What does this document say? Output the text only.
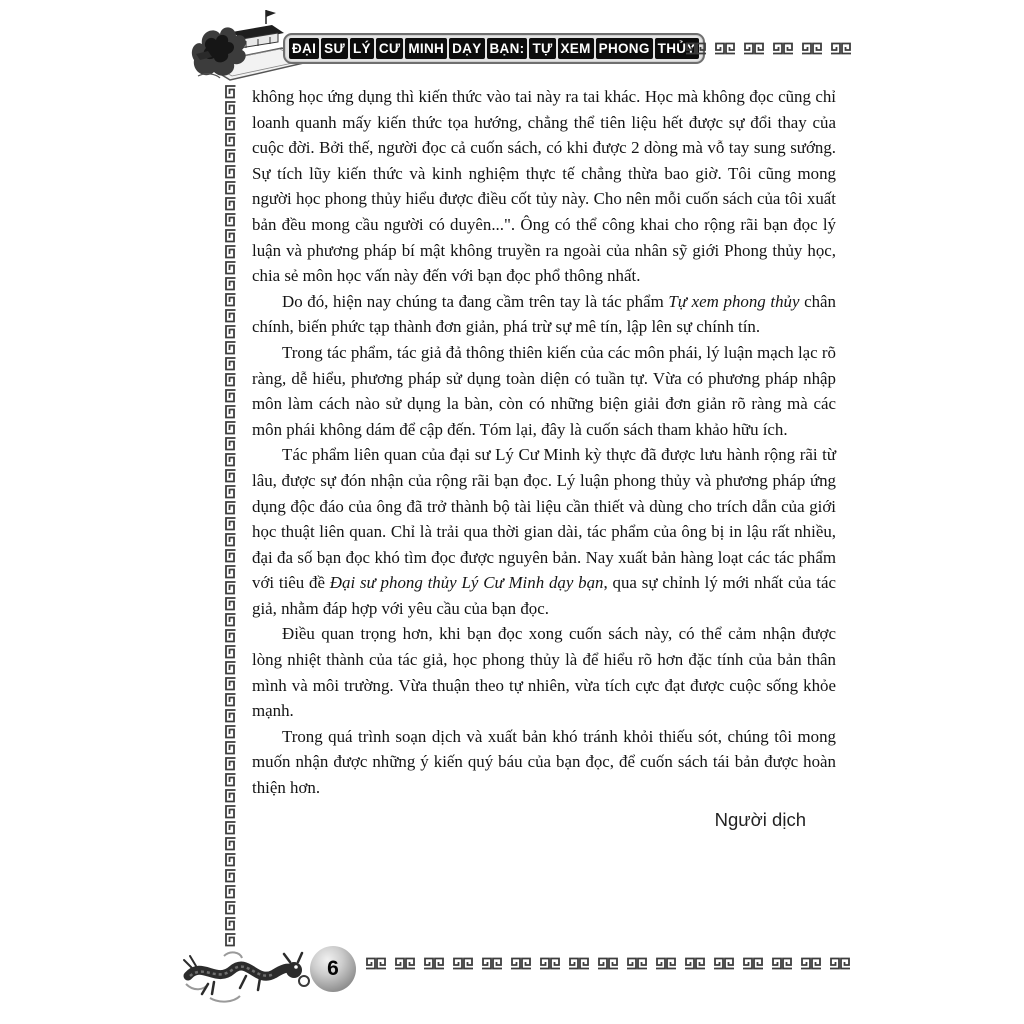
ĐẠI SƯ LÝ CƯ MINH DẠY BẠN: TỰ XEM PHONG THỦY

không học ứng dụng thì kiến thức vào tai này ra tai khác. Học mà không đọc cũng chỉ loanh quanh mấy kiến thức tọa hướng, chẳng thể tiên liệu hết được sự đổi thay của cuộc đời. Bởi thế, người đọc cả cuốn sách, có khi được 2 dòng mà vỗ tay sung sướng. Sự tích lũy kiến thức và kinh nghiệm thực tế chẳng thừa bao giờ. Tôi cũng mong người học phong thủy hiểu được điều cốt tủy này. Cho nên mỗi cuốn sách của tôi xuất bản đều mong cầu người có duyên...". Ông có thể công khai cho rộng rãi bạn đọc lý luận và phương pháp bí mật không truyền ra ngoài của nhân sỹ giới Phong thủy học, chia sẻ môn học vấn này đến với bạn đọc phổ thông nhất.

Do đó, hiện nay chúng ta đang cầm trên tay là tác phẩm Tự xem phong thủy chân chính, biến phức tạp thành đơn giản, phá trừ sự mê tín, lập lên sự chính tín.

Trong tác phẩm, tác giả đả thông thiên kiến của các môn phái, lý luận mạch lạc rõ ràng, dễ hiểu, phương pháp sử dụng toàn diện có tuần tự. Vừa có phương pháp nhập môn làm cách nào sử dụng la bàn, còn có những biện giải đơn giản rõ ràng mà các môn phái không dám để cập đến. Tóm lại, đây là cuốn sách tham khảo hữu ích.

Tác phẩm liên quan của đại sư Lý Cư Minh kỳ thực đã được lưu hành rộng rãi từ lâu, được sự đón nhận của rộng rãi bạn đọc. Lý luận phong thủy và phương pháp ứng dụng độc đáo của ông đã trở thành bộ tài liệu cần thiết và dùng cho trích dẫn của giới học thuật liên quan. Chỉ là trải qua thời gian dài, tác phẩm của ông bị in lậu rất nhiều, đại đa số bạn đọc khó tìm đọc được nguyên bản. Nay xuất bản hàng loạt các tác phẩm với tiêu đề Đại sư phong thủy Lý Cư Minh dạy bạn, qua sự chỉnh lý mới nhất của tác giả, nhằm đáp hợp với yêu cầu của bạn đọc.

Điều quan trọng hơn, khi bạn đọc xong cuốn sách này, có thể cảm nhận được lòng nhiệt thành của tác giả, học phong thủy là để hiểu rõ hơn đặc tính của bản thân mình và môi trường. Vừa thuận theo tự nhiên, vừa tích cực đạt được cuộc sống khỏe mạnh.

Trong quá trình soạn dịch và xuất bản khó tránh khỏi thiếu sót, chúng tôi mong muốn nhận được những ý kiến quý báu của bạn đọc, để cuốn sách tái bản được hoàn thiện hơn.

Người dịch
6
